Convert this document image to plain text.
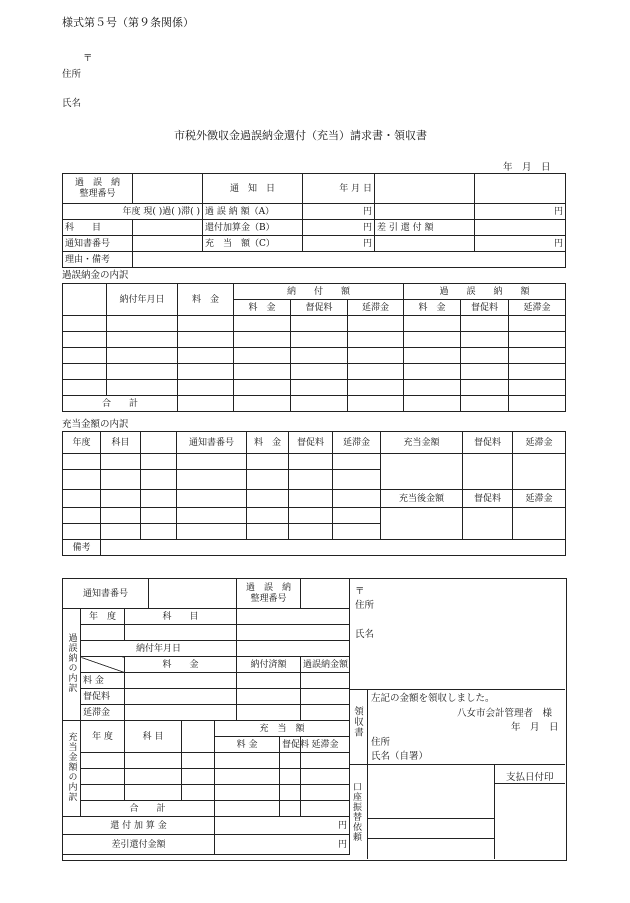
様式第５号（第９条関係）
〒
住所
氏名
市税外徴収金過誤納金還付（充当）請求書・領収書
年　月　日
過　誤　納
整理番号		通　知　日	年 月 日		
年度 現( )過( )滞( )		過 誤 納 額（A）	円		円
科　　目		還付加算金（B）	円	差 引 還 付 額	
通知書番号		充　当　額（C）	円		円
理由・備考					
過誤納金の内訳
	納付年月日	料　金	納　　付　　額			過　　誤　　納　　額		
			料　金	督促料	延滞金	料　金	督促料	延滞金

合　　計								
充当金額の内訳
年度	科目		通知書番号	料　金	督促料	延滞金	充当金額	督促料	延滞金

							充当後金額	督促料	延滞金

備考									
通知書番号						過　誤　納
整理番号		
過誤納の内訳	年　度	科　　目						

	納付年月日							
		料　　金				納付済額		過誤納金額
	料 金							
	督促料							
	延滞金							
充当金額の内訳	年 度	科 目			充　当　額			
					料 金		督促料	延滞金

	合　　計							
還 付 加 算 金					円			
差引還付金額					円			
〒
住所
氏名
領収書
左記の金額を領収しました。
八女市会計管理者　様
年　月　日
住所
氏名（自署）
口座振替依頼
支払日付印
